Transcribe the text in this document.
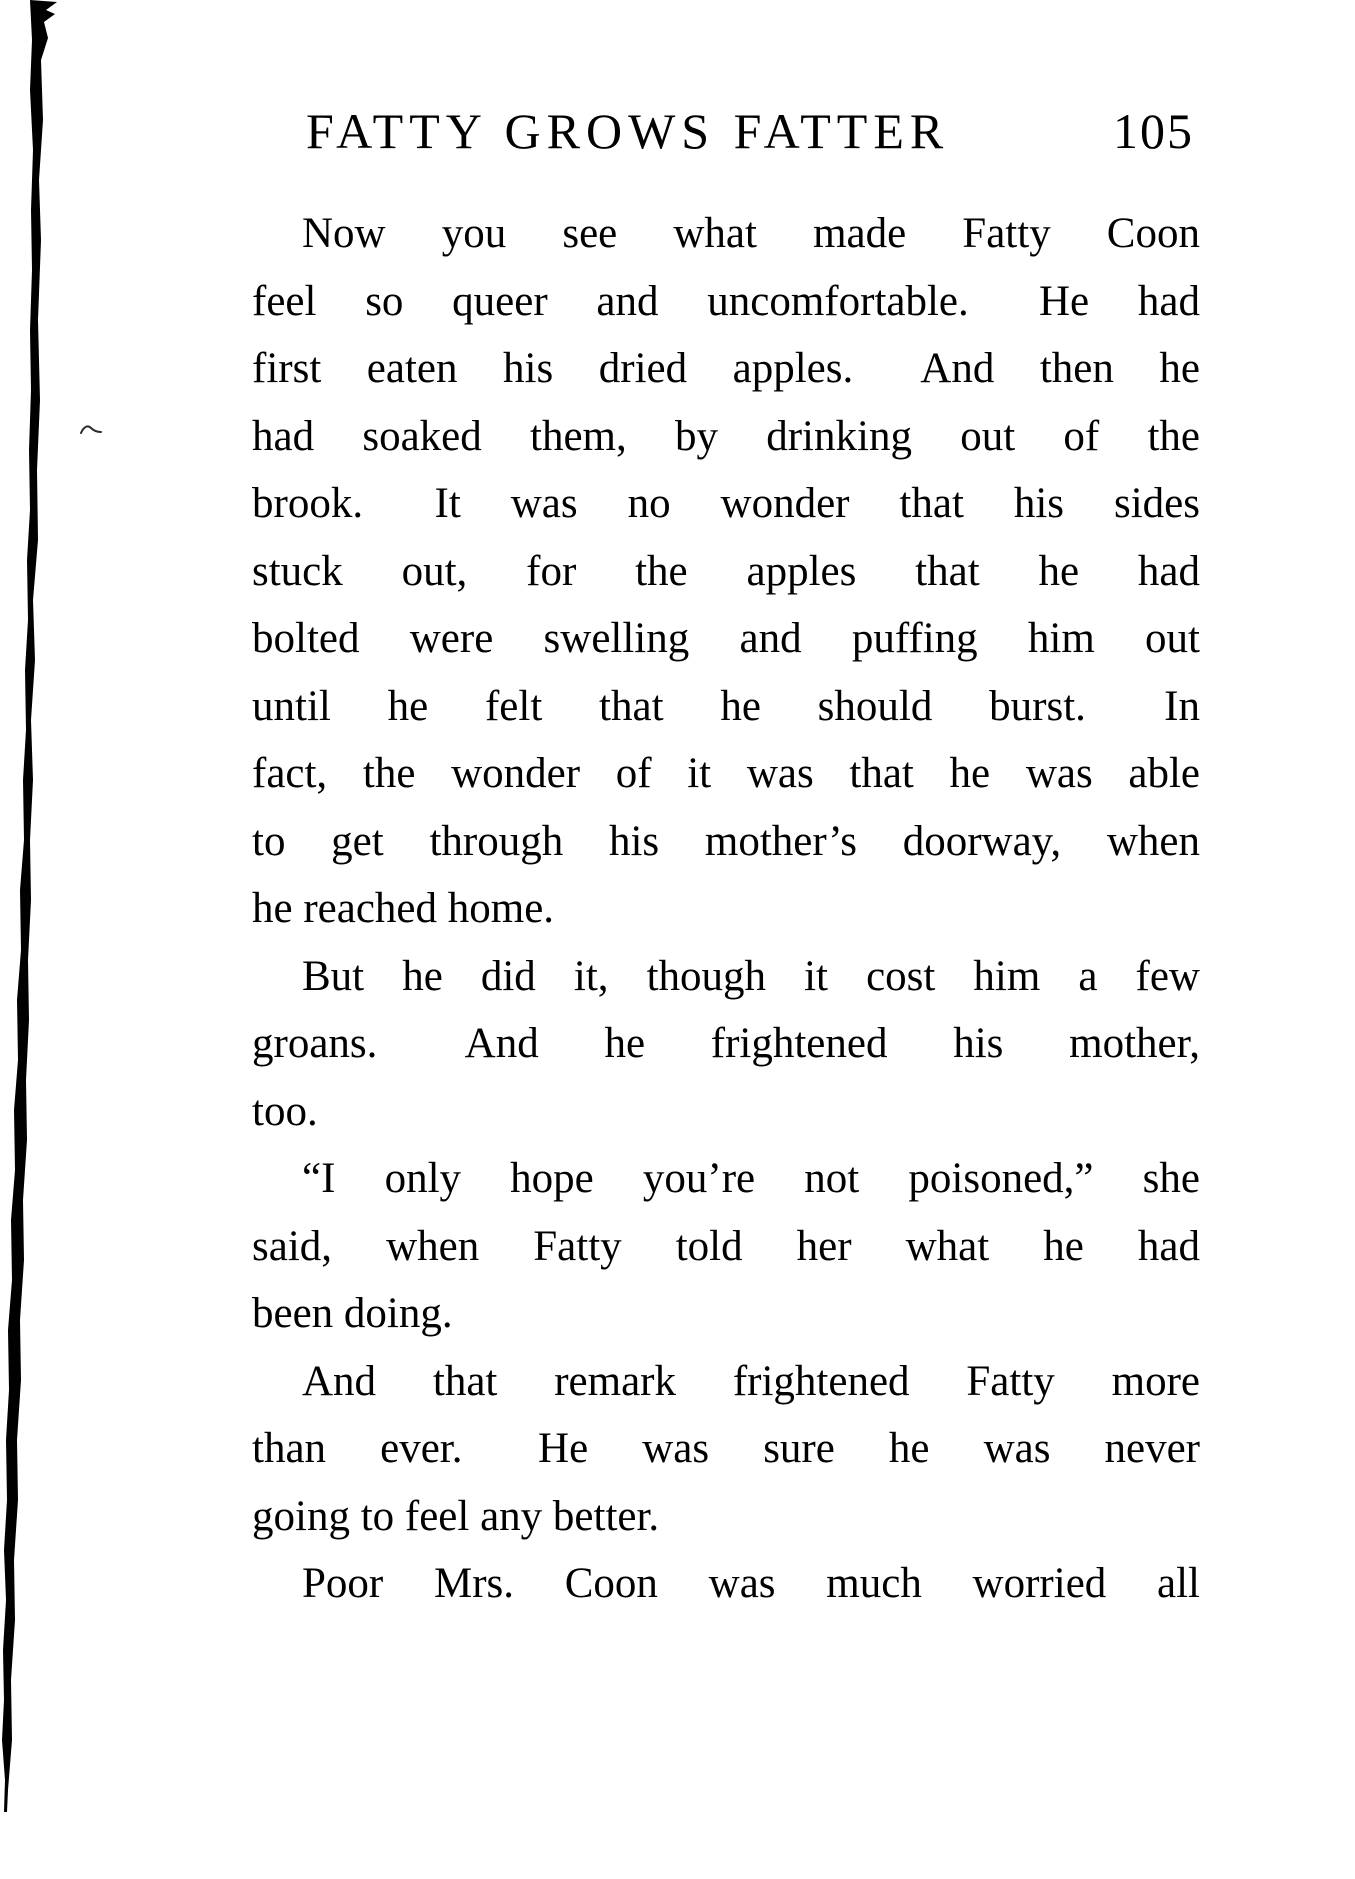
FATTY GROWS FATTER	105
Now you see what made Fatty Coon
feel so queer and uncomfortable.  He had
first eaten his dried apples.  And then he
had soaked them, by drinking out of the
brook.  It was no wonder that his sides
stuck out, for the apples that he had
bolted were swelling and puffing him out
until he felt that he should burst.  In
fact, the wonder of it was that he was able
to get through his mother’s doorway, when
he reached home.
But he did it, though it cost him a few
groans.  And he frightened his mother,
too.
“I only hope you’re not poisoned,” she
said, when Fatty told her what he had
been doing.
And that remark frightened Fatty more
than ever.  He was sure he was never
going to feel any better.
Poor Mrs. Coon was much worried all
